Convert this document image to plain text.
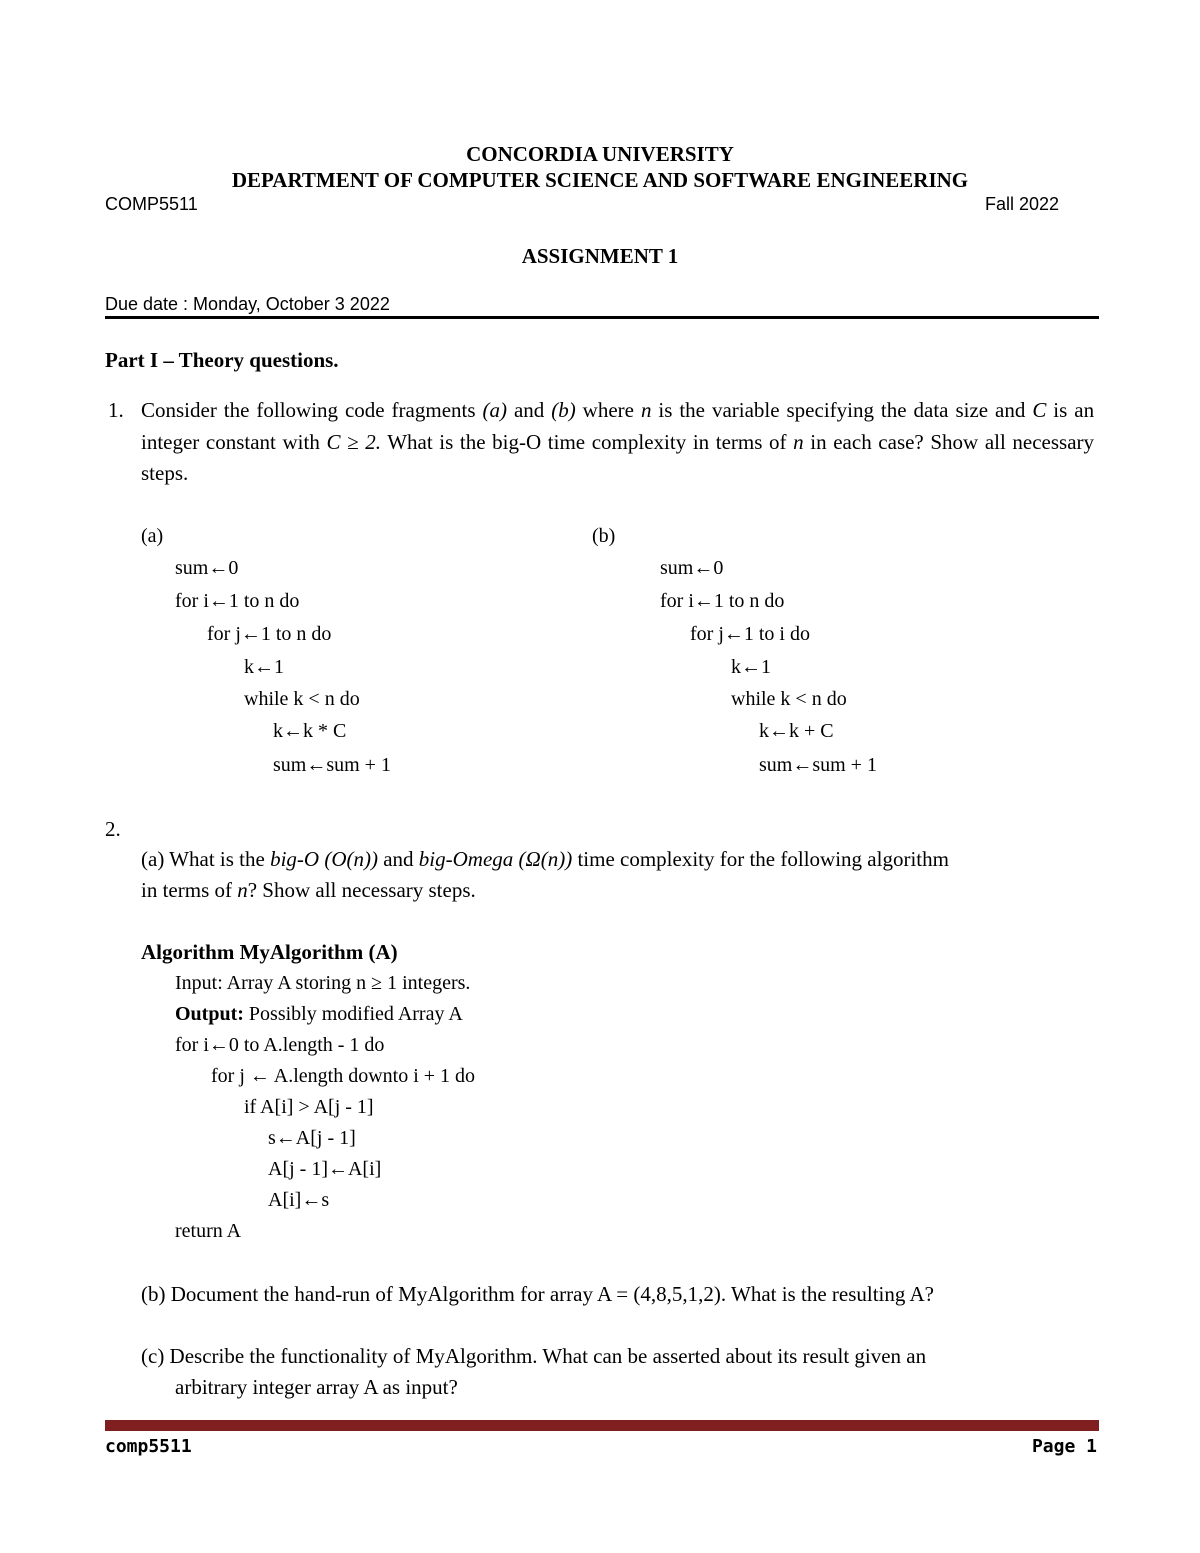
CONCORDIA UNIVERSITY
DEPARTMENT OF COMPUTER SCIENCE AND SOFTWARE ENGINEERING
COMP5511	Fall 2022
ASSIGNMENT 1
Due date : Monday, October 3 2022
Part I – Theory questions.
1. Consider the following code fragments (a) and (b) where n is the variable specifying the data size and C is an integer constant with C ≥ 2. What is the big-O time complexity in terms of n in each case? Show all necessary steps.
(a)
sum←0
for i←1 to n do
for j←1 to n do
k←1
while k < n do
k←k * C
sum←sum + 1
(b)
sum←0
for i←1 to n do
for j←1 to i do
k←1
while k < n do
k←k + C
sum←sum + 1
2.
(a) What is the big-O (O(n)) and big-Omega (Ω(n)) time complexity for the following algorithm
in terms of n? Show all necessary steps.
Algorithm MyAlgorithm (A)
Input: Array A storing n ≥ 1 integers.
Output: Possibly modified Array A
for i←0 to A.length - 1 do
for j ← A.length downto i + 1 do
if A[i] > A[j - 1]
s←A[j - 1]
A[j - 1]←A[i]
A[i]←s
return A
(b) Document the hand-run of MyAlgorithm for array A = (4,8,5,1,2). What is the resulting A?
(c) Describe the functionality of MyAlgorithm. What can be asserted about its result given an
arbitrary integer array A as input?
comp5511	Page 1
